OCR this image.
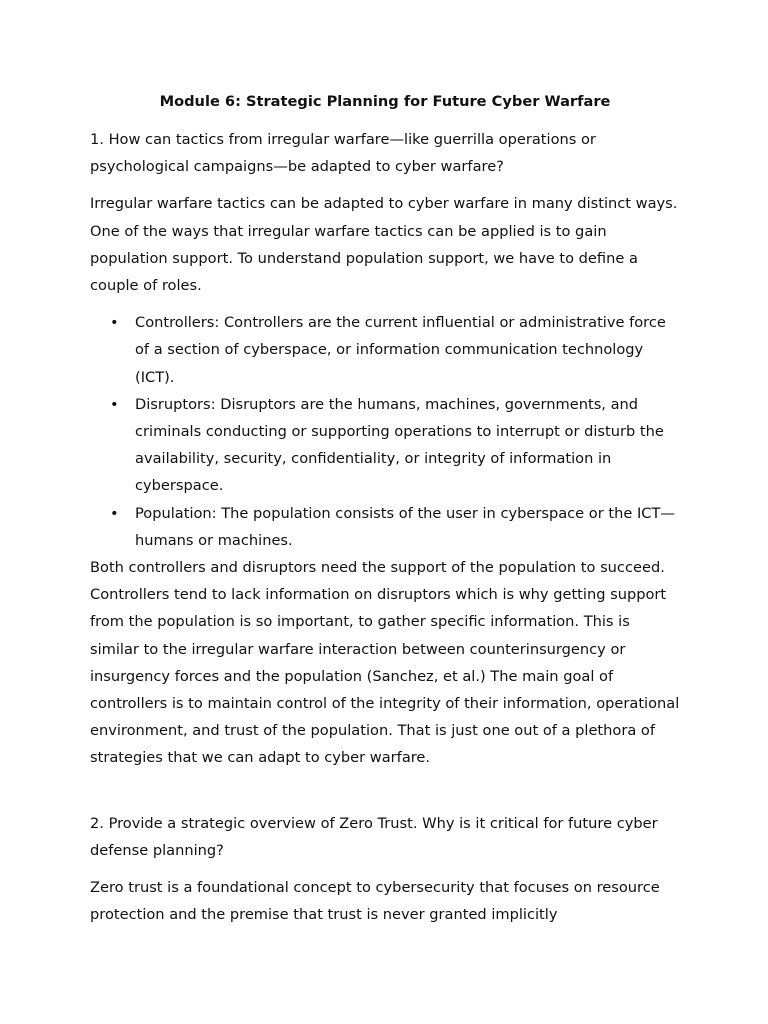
Module 6: Strategic Planning for Future Cyber Warfare

1. How can tactics from irregular warfare—like guerrilla operations or psychological campaigns—be adapted to cyber warfare?

Irregular warfare tactics can be adapted to cyber warfare in many distinct ways. One of the ways that irregular warfare tactics can be applied is to gain population support. To understand population support, we have to define a couple of roles.

• Controllers: Controllers are the current influential or administrative force of a section of cyberspace, or information communication technology (ICT).
• Disruptors: Disruptors are the humans, machines, governments, and criminals conducting or supporting operations to interrupt or disturb the availability, security, confidentiality, or integrity of information in cyberspace.
• Population: The population consists of the user in cyberspace or the ICT—humans or machines.

Both controllers and disruptors need the support of the population to succeed. Controllers tend to lack information on disruptors which is why getting support from the population is so important, to gather specific information. This is similar to the irregular warfare interaction between counterinsurgency or insurgency forces and the population (Sanchez, et al.) The main goal of controllers is to maintain control of the integrity of their information, operational environment, and trust of the population. That is just one out of a plethora of strategies that we can adapt to cyber warfare.

2. Provide a strategic overview of Zero Trust. Why is it critical for future cyber defense planning?

Zero trust is a foundational concept to cybersecurity that focuses on resource protection and the premise that trust is never granted implicitly
